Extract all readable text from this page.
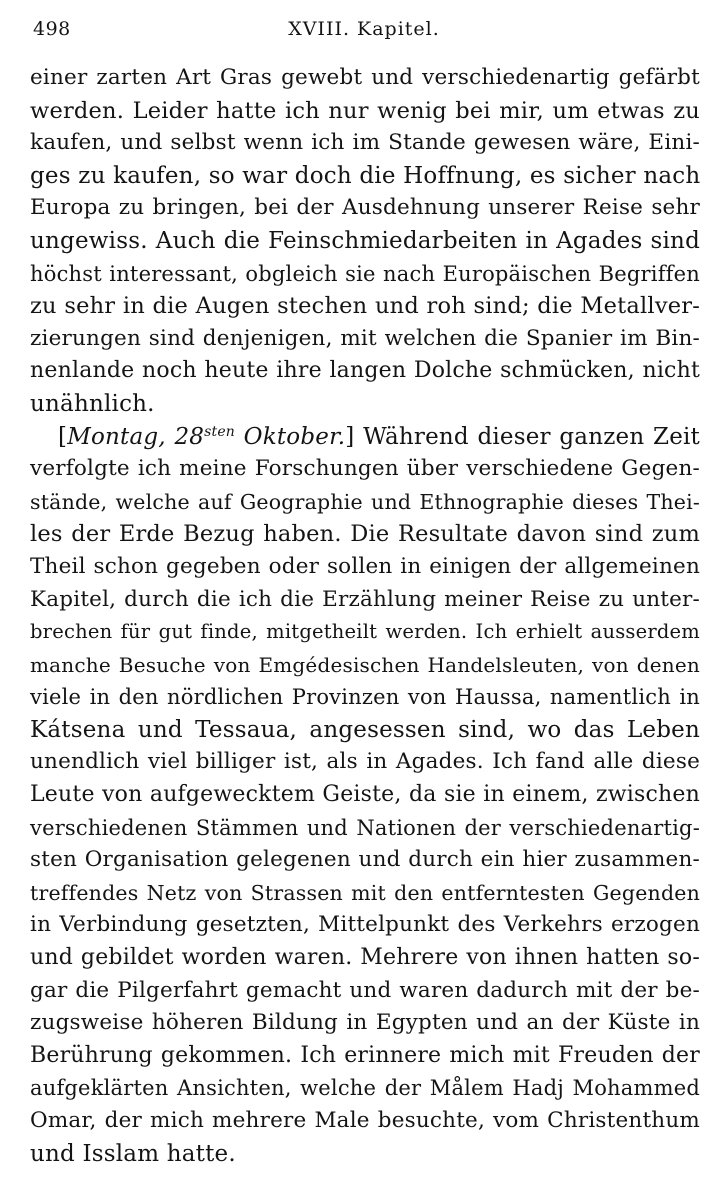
498	XVIII. Kapitel.
einer zarten Art Gras gewebt und verschiedenartig gefärbt
werden. Leider hatte ich nur wenig bei mir, um etwas zu
kaufen, und selbst wenn ich im Stande gewesen wäre, Eini-
ges zu kaufen, so war doch die Hoffnung, es sicher nach
Europa zu bringen, bei der Ausdehnung unserer Reise sehr
ungewiss. Auch die Feinschmiedarbeiten in Agades sind
höchst interessant, obgleich sie nach Europäischen Begriffen
zu sehr in die Augen stechen und roh sind; die Metallver-
zierungen sind denjenigen, mit welchen die Spanier im Bin-
nenlande noch heute ihre langen Dolche schmücken, nicht
unähnlich.
[Montag, $28^{sten}$ Oktober.] Während dieser ganzen Zeit
verfolgte ich meine Forschungen über verschiedene Gegen-
stände, welche auf Geographie und Ethnographie dieses Thei-
les der Erde Bezug haben. Die Resultate davon sind zum
Theil schon gegeben oder sollen in einigen der allgemeinen
Kapitel, durch die ich die Erzählung meiner Reise zu unter-
brechen für gut finde, mitgetheilt werden. Ich erhielt ausserdem
manche Besuche von Emgédesischen Handelsleuten, von denen
viele in den nördlichen Provinzen von Haussa, namentlich in
Kátsena und Tessaua, angesessen sind, wo das Leben
unendlich viel billiger ist, als in Agades. Ich fand alle diese
Leute von aufgewecktem Geiste, da sie in einem, zwischen
verschiedenen Stämmen und Nationen der verschiedenartig-
sten Organisation gelegenen und durch ein hier zusammen-
treffendes Netz von Strassen mit den entferntesten Gegenden
in Verbindung gesetzten, Mittelpunkt des Verkehrs erzogen
und gebildet worden waren. Mehrere von ihnen hatten so-
gar die Pilgerfahrt gemacht und waren dadurch mit der be-
zugsweise höheren Bildung in Egypten und an der Küste in
Berührung gekommen. Ich erinnere mich mit Freuden der
aufgeklärten Ansichten, welche der Målem Hadj Mohammed
Omar, der mich mehrere Male besuchte, vom Christenthum
und Isslam hatte.
